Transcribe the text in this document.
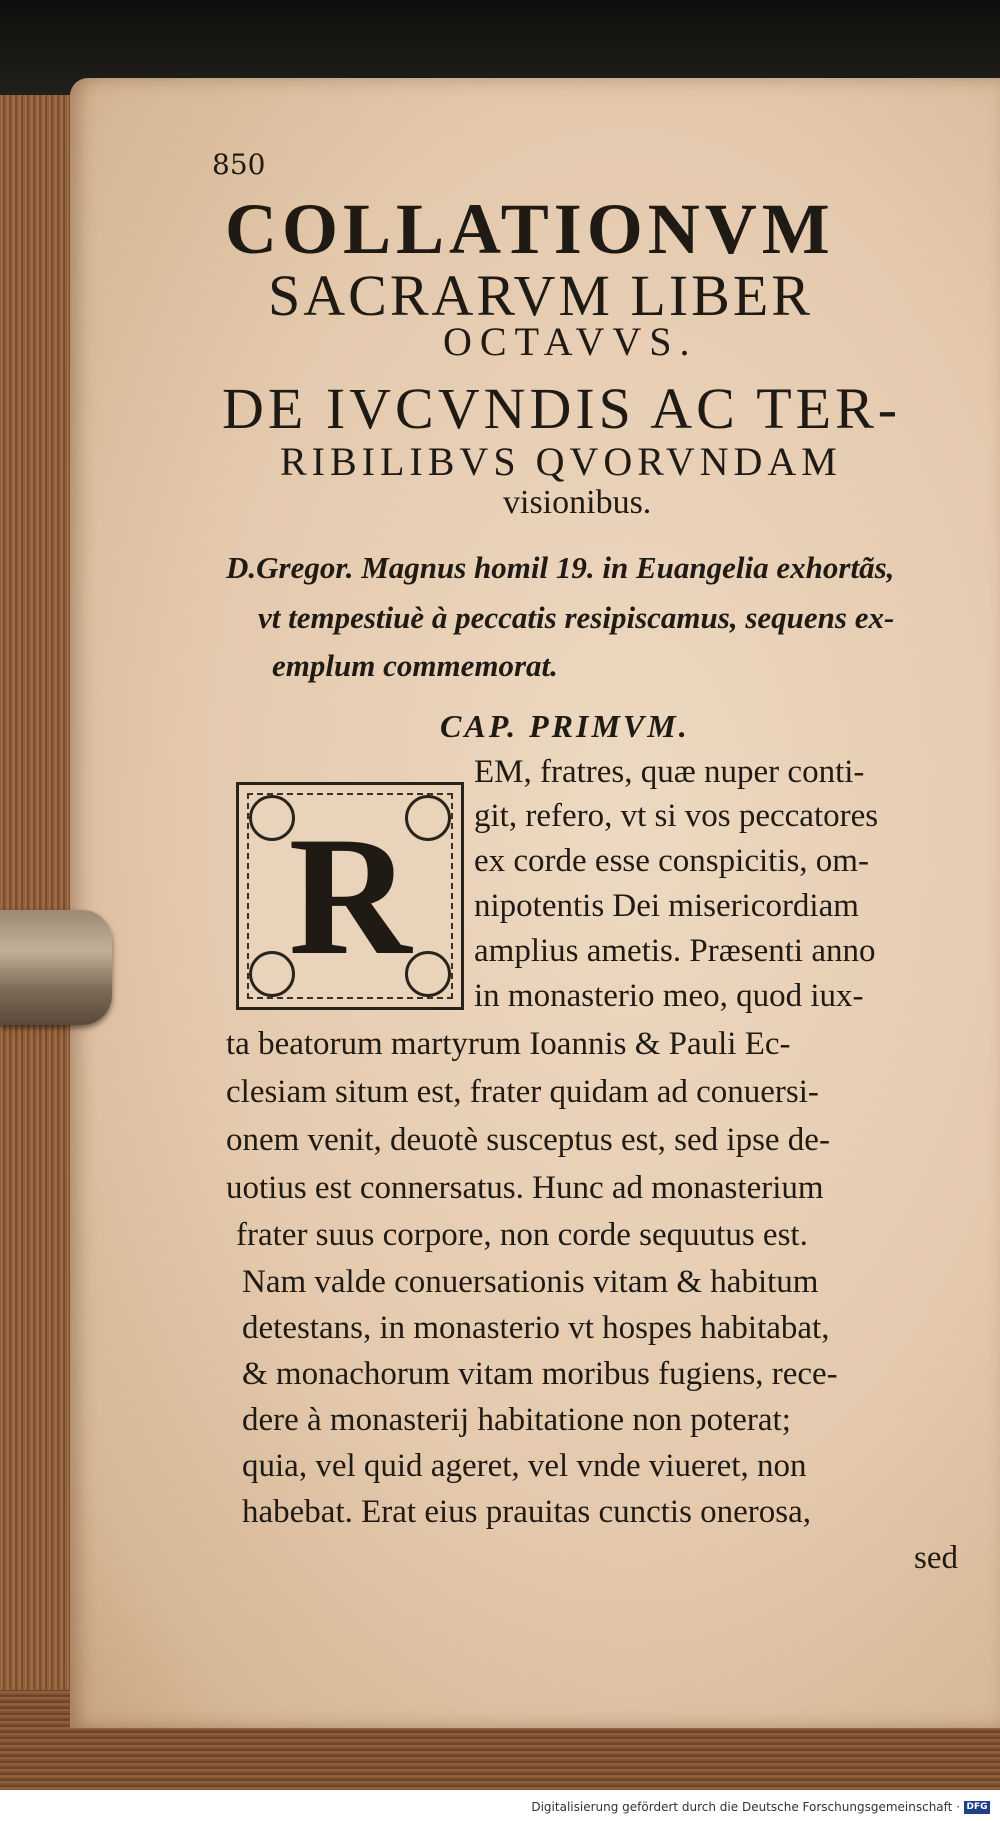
850
COLLATIONVM
SACRARVM LIBER
OCTAVVS.
DE IVCVNDIS AC TER-
RIBILIBVS QVORVNDAM
visionibus.
D.Gregor. Magnus homil 19. in Euangelia exhortãs,
vt tempestiuè à peccatis resipiscamus, sequens ex-
emplum commemorat.
CAP. PRIMVM.
R
EM, fratres, quæ nuper conti-
git, refero, vt si vos peccatores
ex corde esse conspicitis, om-
nipotentis Dei misericordiam
amplius ametis. Præsenti anno
in monasterio meo, quod iux-
ta beatorum martyrum Ioannis & Pauli Ec-
clesiam situm est, frater quidam ad conuersi-
onem venit, deuotè susceptus est, sed ipse de-
uotius est connersatus. Hunc ad monasterium
frater suus corpore, non corde sequutus est.
Nam valde conuersationis vitam & habitum
detestans, in monasterio vt hospes habitabat,
& monachorum vitam moribus fugiens, rece-
dere à monasterij habitatione non poterat;
quia, vel quid ageret, vel vnde viueret, non
habebat. Erat eius prauitas cunctis onerosa,
sed
Digitalisierung gefördert durch die Deutsche Forschungsgemeinschaft · DFG
